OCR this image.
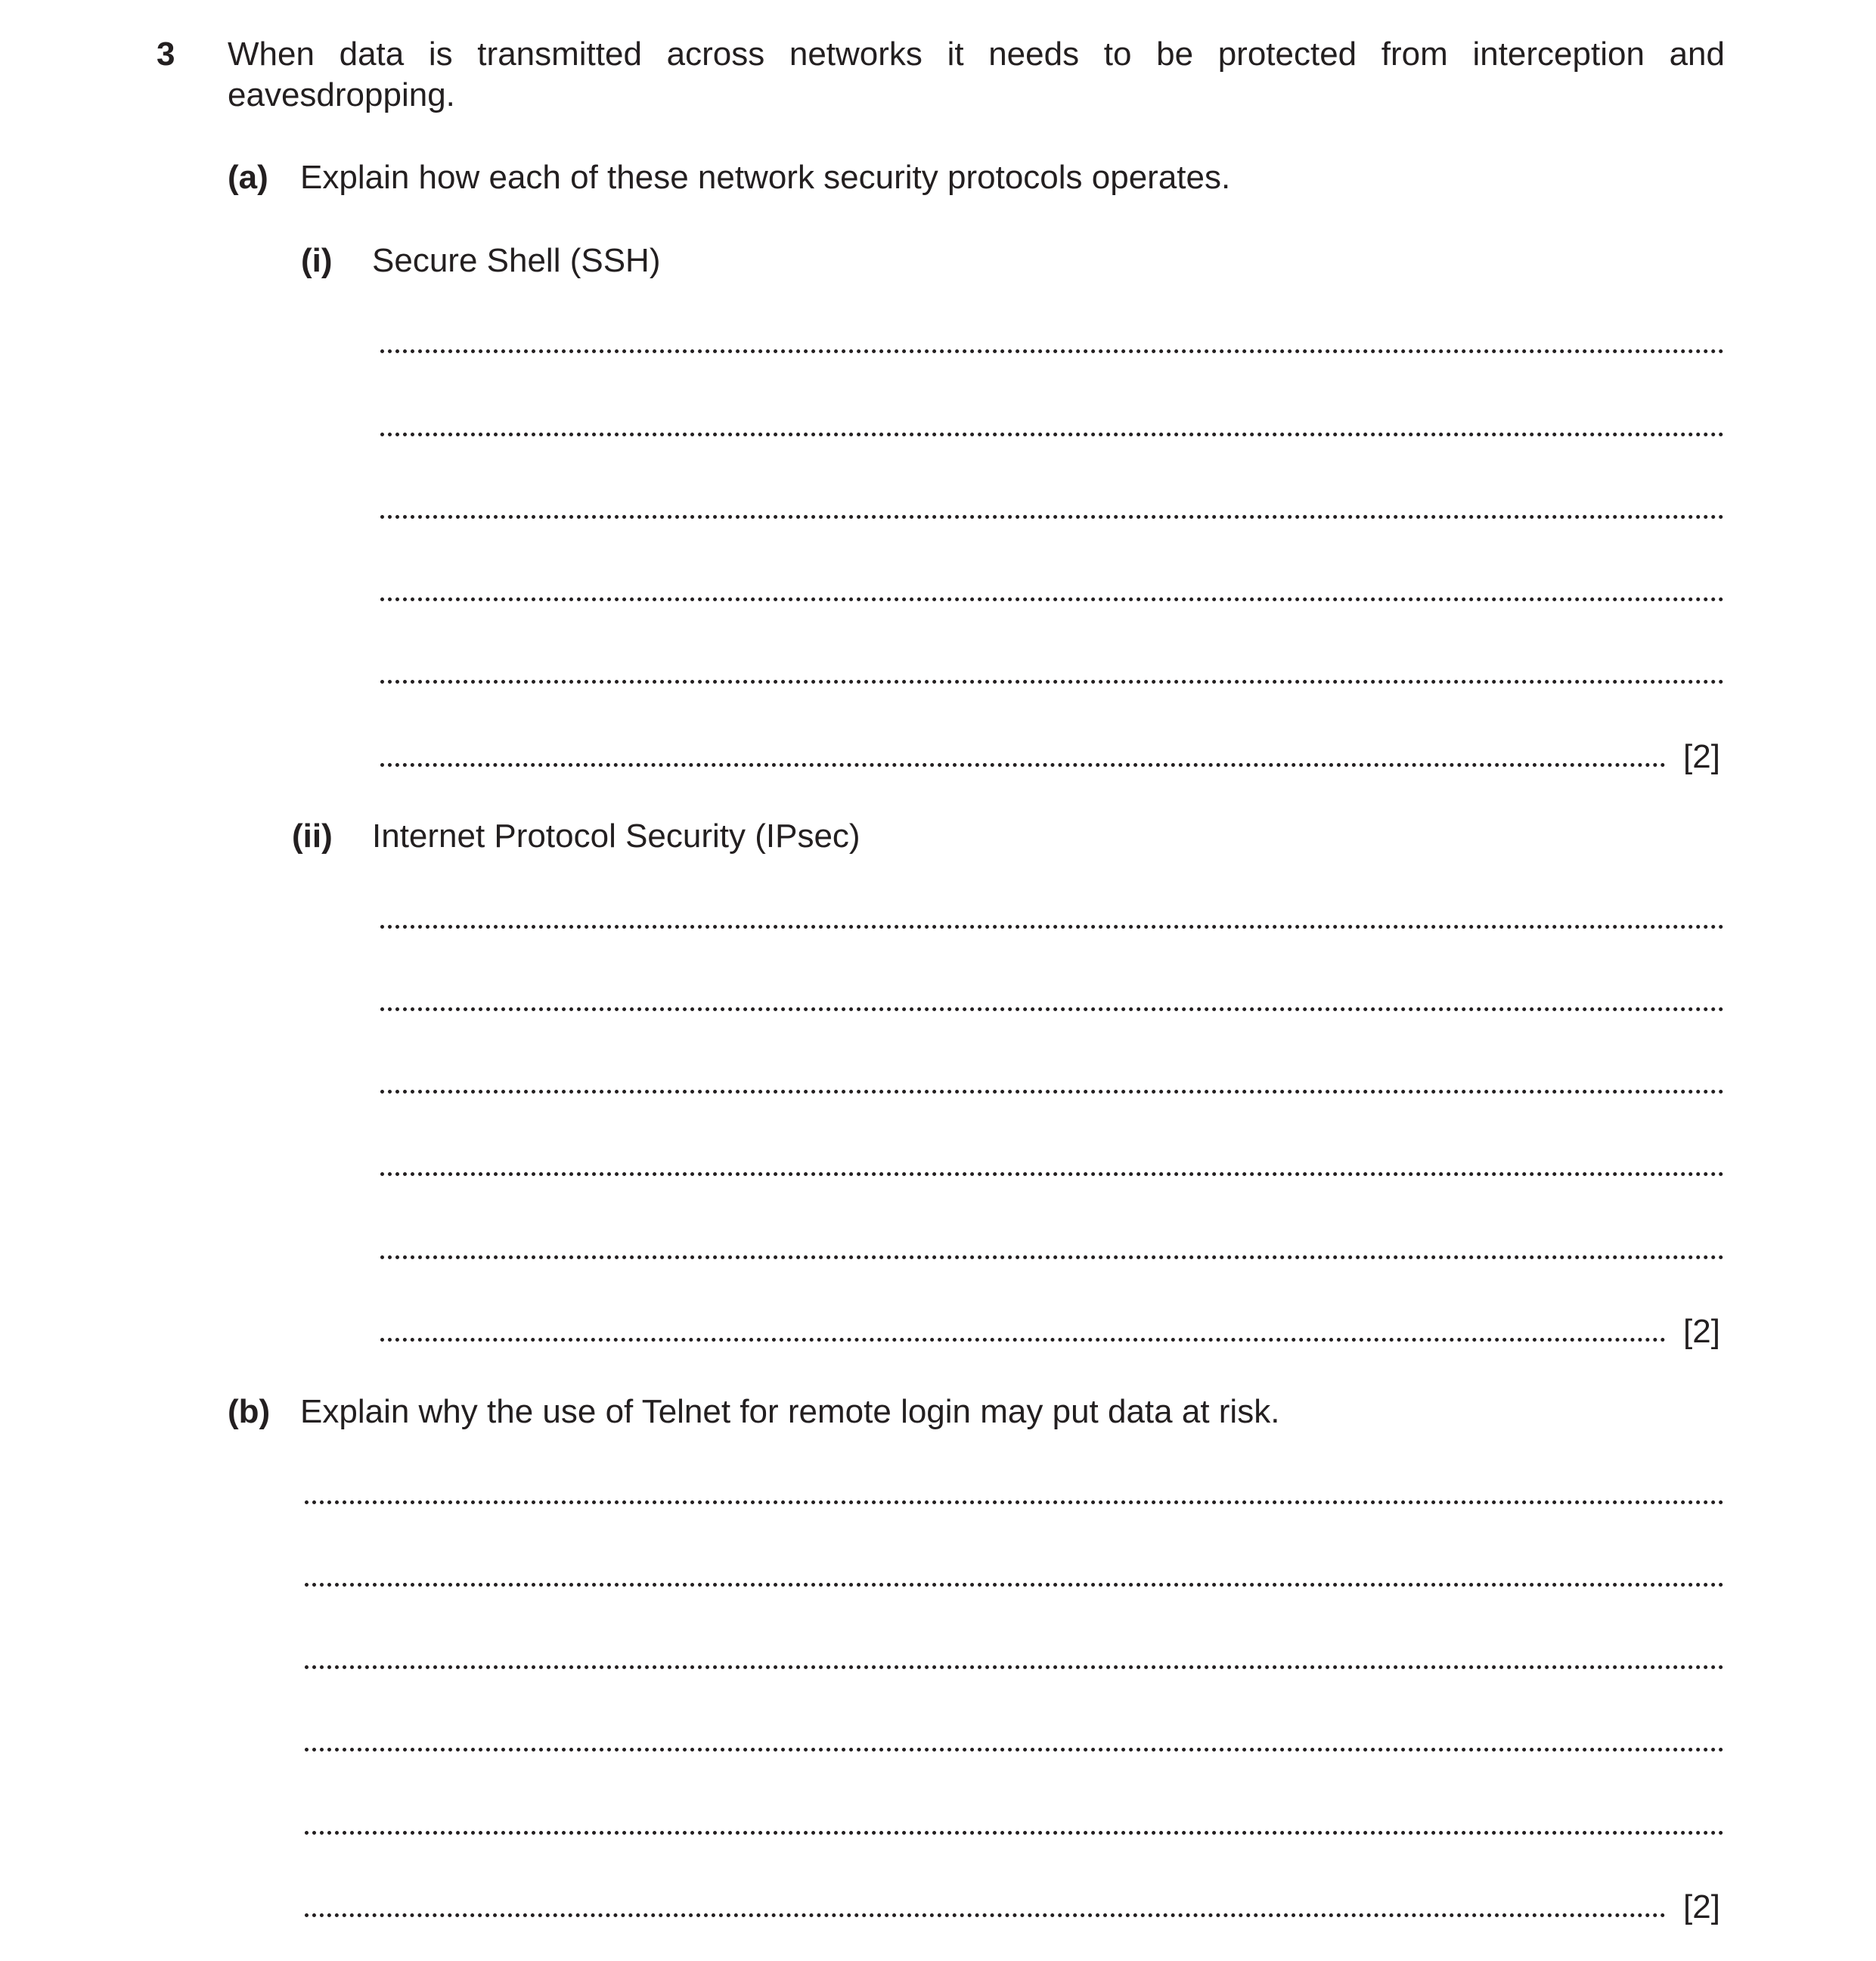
3 When data is transmitted across networks it needs to be protected from interception and eavesdropping.
(a) Explain how each of these network security protocols operates.
(i) Secure Shell (SSH)
[2]
(ii) Internet Protocol Security (IPsec)
[2]
(b) Explain why the use of Telnet for remote login may put data at risk.
[2]
